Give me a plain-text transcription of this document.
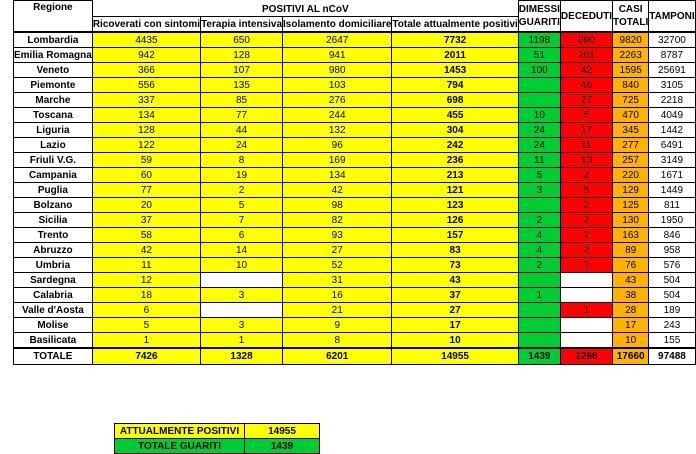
Regione	POSITIVI AL nCoV				DIMESSI GUARITI	DECEDUTI	CASI TOTALI	TAMPONI
	Ricoverati con sintomi	Terapia intensiva	Isolamento domiciliare	Totale attualmente positivi				
Lombardia	4435	650	2647	7732	1198	890	9820	32700
Emilia Romagna	942	128	941	2011	51	201	2263	8787
Veneto	366	107	980	1453	100	42	1595	25691
Piemonte	556	135	103	794		46	840	3105
Marche	337	85	276	698		27	725	2218
Toscana	134	77	244	455	10	5	470	4049
Liguria	128	44	132	304	24	17	345	1442
Lazio	122	24	96	242	24	11	277	6491
Friuli V.G.	59	8	169	236	11	10	257	3149
Campania	60	19	134	213	5	2	220	1671
Puglia	77	2	42	121	3	5	129	1449
Bolzano	20	5	98	123		2	125	811
Sicilia	37	7	82	126	2	2	130	1950
Trento	58	6	93	157	4	2	163	846
Abruzzo	42	14	27	83	4	2	89	958
Umbria	11	10	52	73	2	1	76	576
Sardegna	12		31	43			43	504
Calabria	18	3	16	37	1		38	504
Valle d'Aosta	6		21	27		1	28	189
Molise	5	3	9	17			17	243
Basilicata	1	1	8	10			10	155
TOTALE	7426	1328	6201	14955	1439	1266	17660	97488
ATTUALMENTE POSITIVI	14955
TOTALE GUARITI	1439
